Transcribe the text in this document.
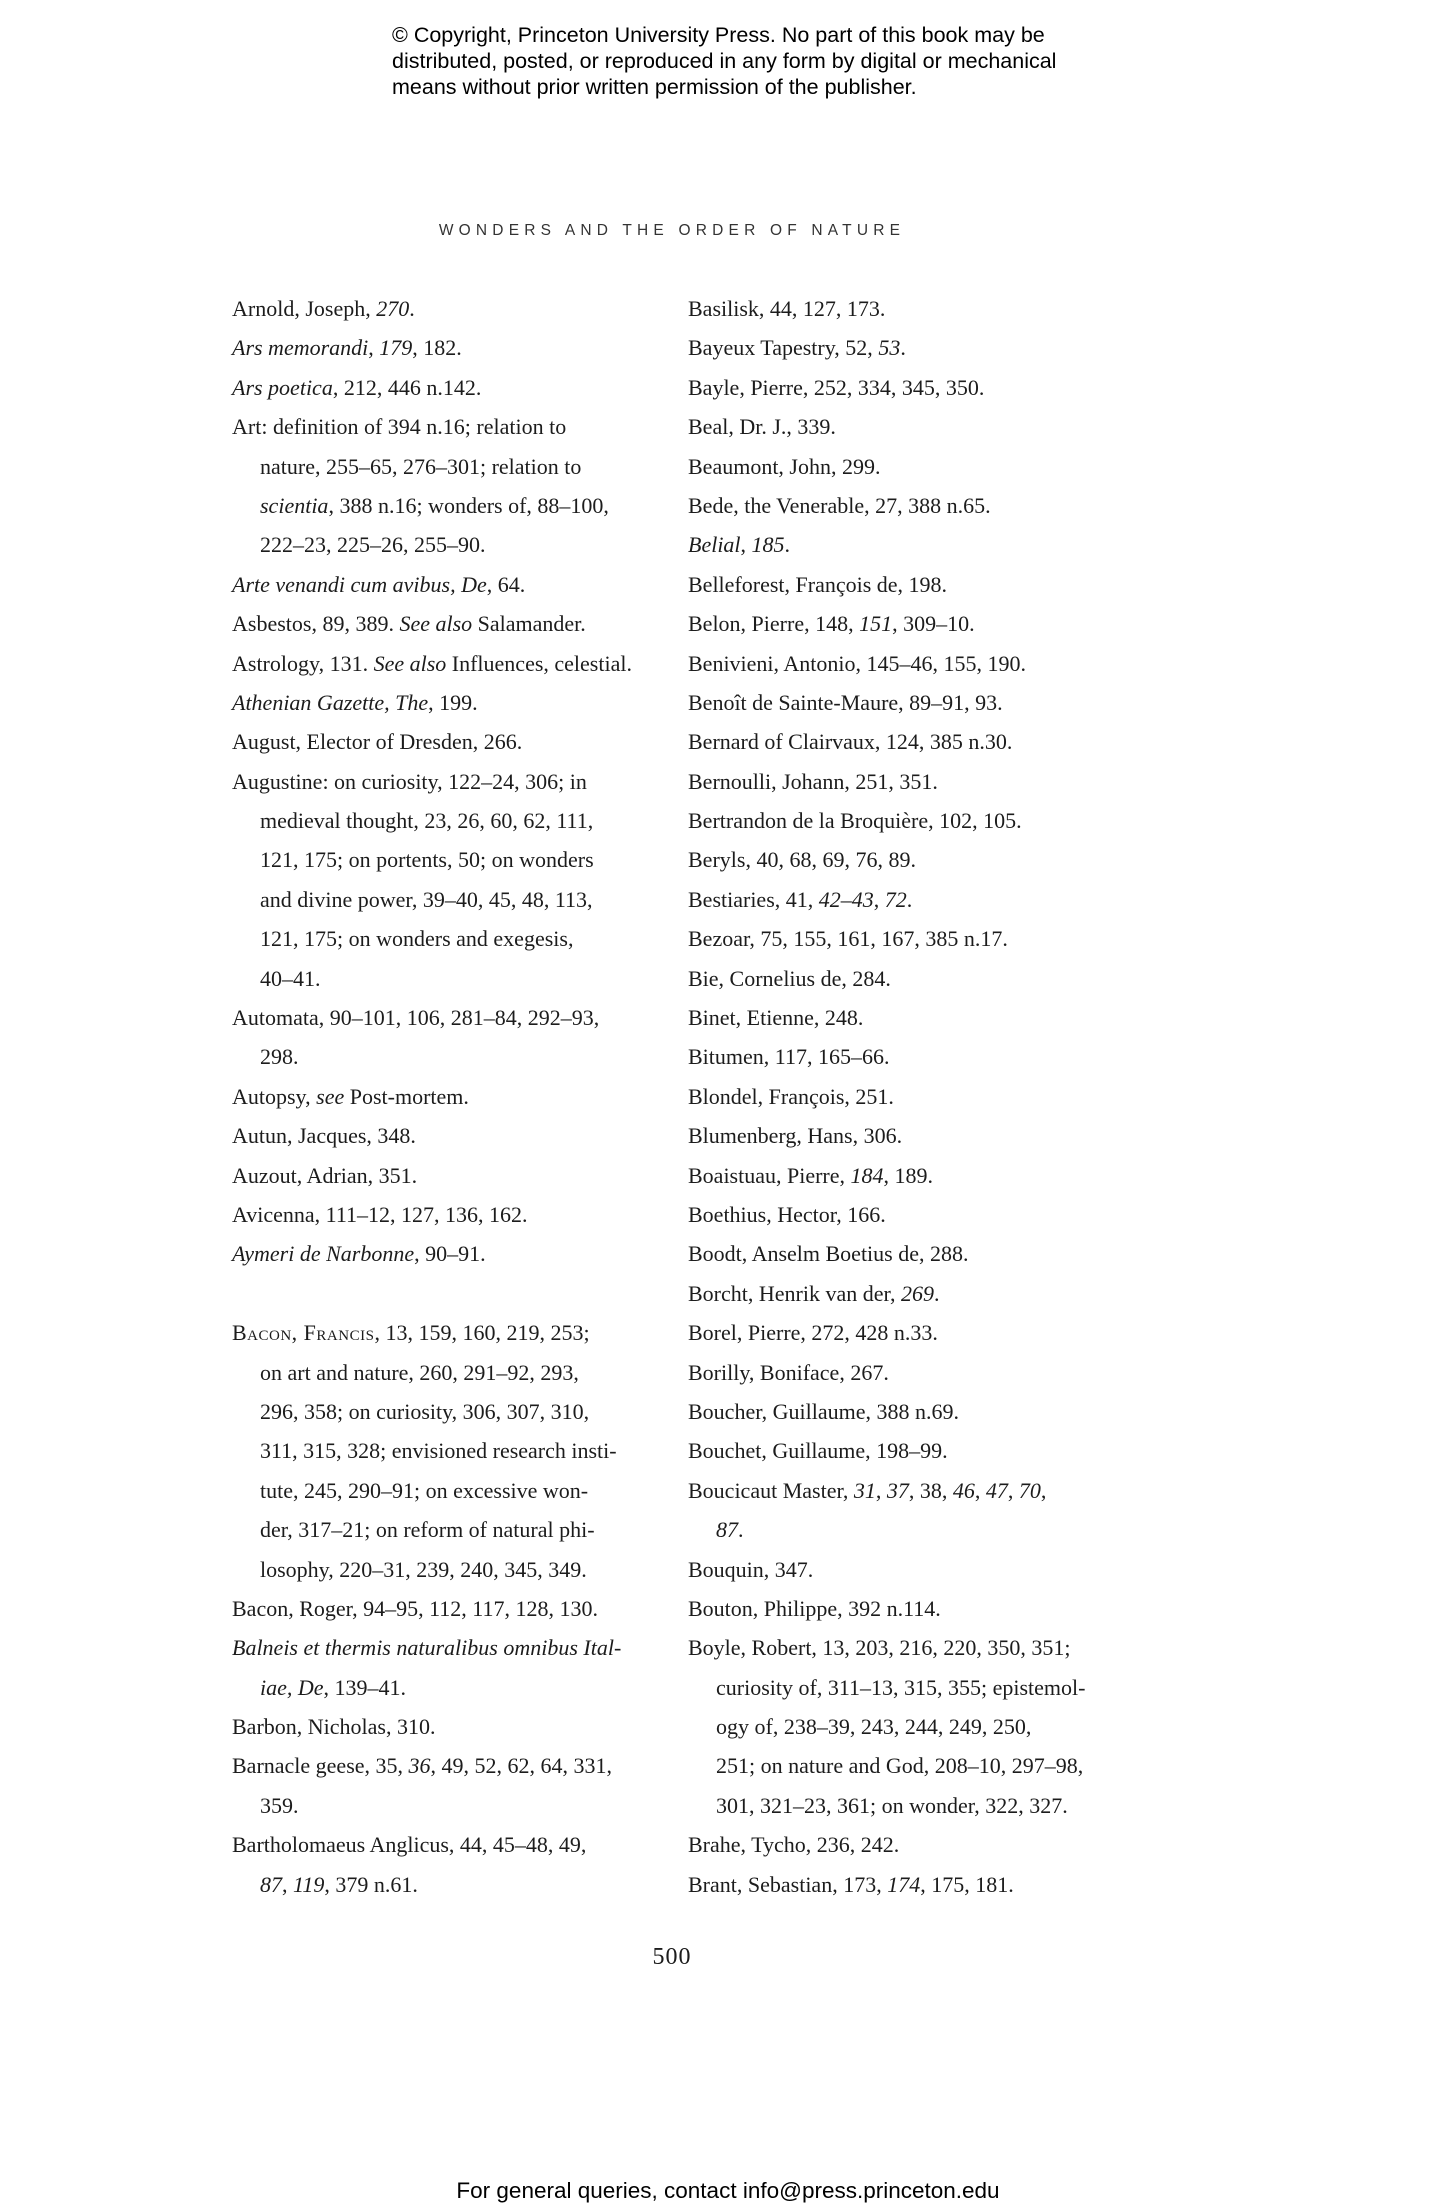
© Copyright, Princeton University Press. No part of this book may be
distributed, posted, or reproduced in any form by digital or mechanical
means without prior written permission of the publisher.
WONDERS AND THE ORDER OF NATURE
Arnold, Joseph, 270.
Ars memorandi, 179, 182.
Ars poetica, 212, 446 n.142.
Art: definition of 394 n.16; relation to
nature, 255–65, 276–301; relation to
scientia, 388 n.16; wonders of, 88–100,
222–23, 225–26, 255–90.
Arte venandi cum avibus, De, 64.
Asbestos, 89, 389. See also Salamander.
Astrology, 131. See also Influences, celestial.
Athenian Gazette, The, 199.
August, Elector of Dresden, 266.
Augustine: on curiosity, 122–24, 306; in
medieval thought, 23, 26, 60, 62, 111,
121, 175; on portents, 50; on wonders
and divine power, 39–40, 45, 48, 113,
121, 175; on wonders and exegesis,
40–41.
Automata, 90–101, 106, 281–84, 292–93,
298.
Autopsy, see Post-mortem.
Autun, Jacques, 348.
Auzout, Adrian, 351.
Avicenna, 111–12, 127, 136, 162.
Aymeri de Narbonne, 90–91.
Bacon, Francis, 13, 159, 160, 219, 253;
on art and nature, 260, 291–92, 293,
296, 358; on curiosity, 306, 307, 310,
311, 315, 328; envisioned research insti-
tute, 245, 290–91; on excessive won-
der, 317–21; on reform of natural phi-
losophy, 220–31, 239, 240, 345, 349.
Bacon, Roger, 94–95, 112, 117, 128, 130.
Balneis et thermis naturalibus omnibus Ital-
iae, De, 139–41.
Barbon, Nicholas, 310.
Barnacle geese, 35, 36, 49, 52, 62, 64, 331,
359.
Bartholomaeus Anglicus, 44, 45–48, 49,
87, 119, 379 n.61.
Basilisk, 44, 127, 173.
Bayeux Tapestry, 52, 53.
Bayle, Pierre, 252, 334, 345, 350.
Beal, Dr. J., 339.
Beaumont, John, 299.
Bede, the Venerable, 27, 388 n.65.
Belial, 185.
Belleforest, François de, 198.
Belon, Pierre, 148, 151, 309–10.
Benivieni, Antonio, 145–46, 155, 190.
Benoît de Sainte-Maure, 89–91, 93.
Bernard of Clairvaux, 124, 385 n.30.
Bernoulli, Johann, 251, 351.
Bertrandon de la Broquière, 102, 105.
Beryls, 40, 68, 69, 76, 89.
Bestiaries, 41, 42–43, 72.
Bezoar, 75, 155, 161, 167, 385 n.17.
Bie, Cornelius de, 284.
Binet, Etienne, 248.
Bitumen, 117, 165–66.
Blondel, François, 251.
Blumenberg, Hans, 306.
Boaistuau, Pierre, 184, 189.
Boethius, Hector, 166.
Boodt, Anselm Boetius de, 288.
Borcht, Henrik van der, 269.
Borel, Pierre, 272, 428 n.33.
Borilly, Boniface, 267.
Boucher, Guillaume, 388 n.69.
Bouchet, Guillaume, 198–99.
Boucicaut Master, 31, 37, 38, 46, 47, 70,
87.
Bouquin, 347.
Bouton, Philippe, 392 n.114.
Boyle, Robert, 13, 203, 216, 220, 350, 351;
curiosity of, 311–13, 315, 355; epistemol-
ogy of, 238–39, 243, 244, 249, 250,
251; on nature and God, 208–10, 297–98,
301, 321–23, 361; on wonder, 322, 327.
Brahe, Tycho, 236, 242.
Brant, Sebastian, 173, 174, 175, 181.
500
For general queries, contact info@press.princeton.edu
